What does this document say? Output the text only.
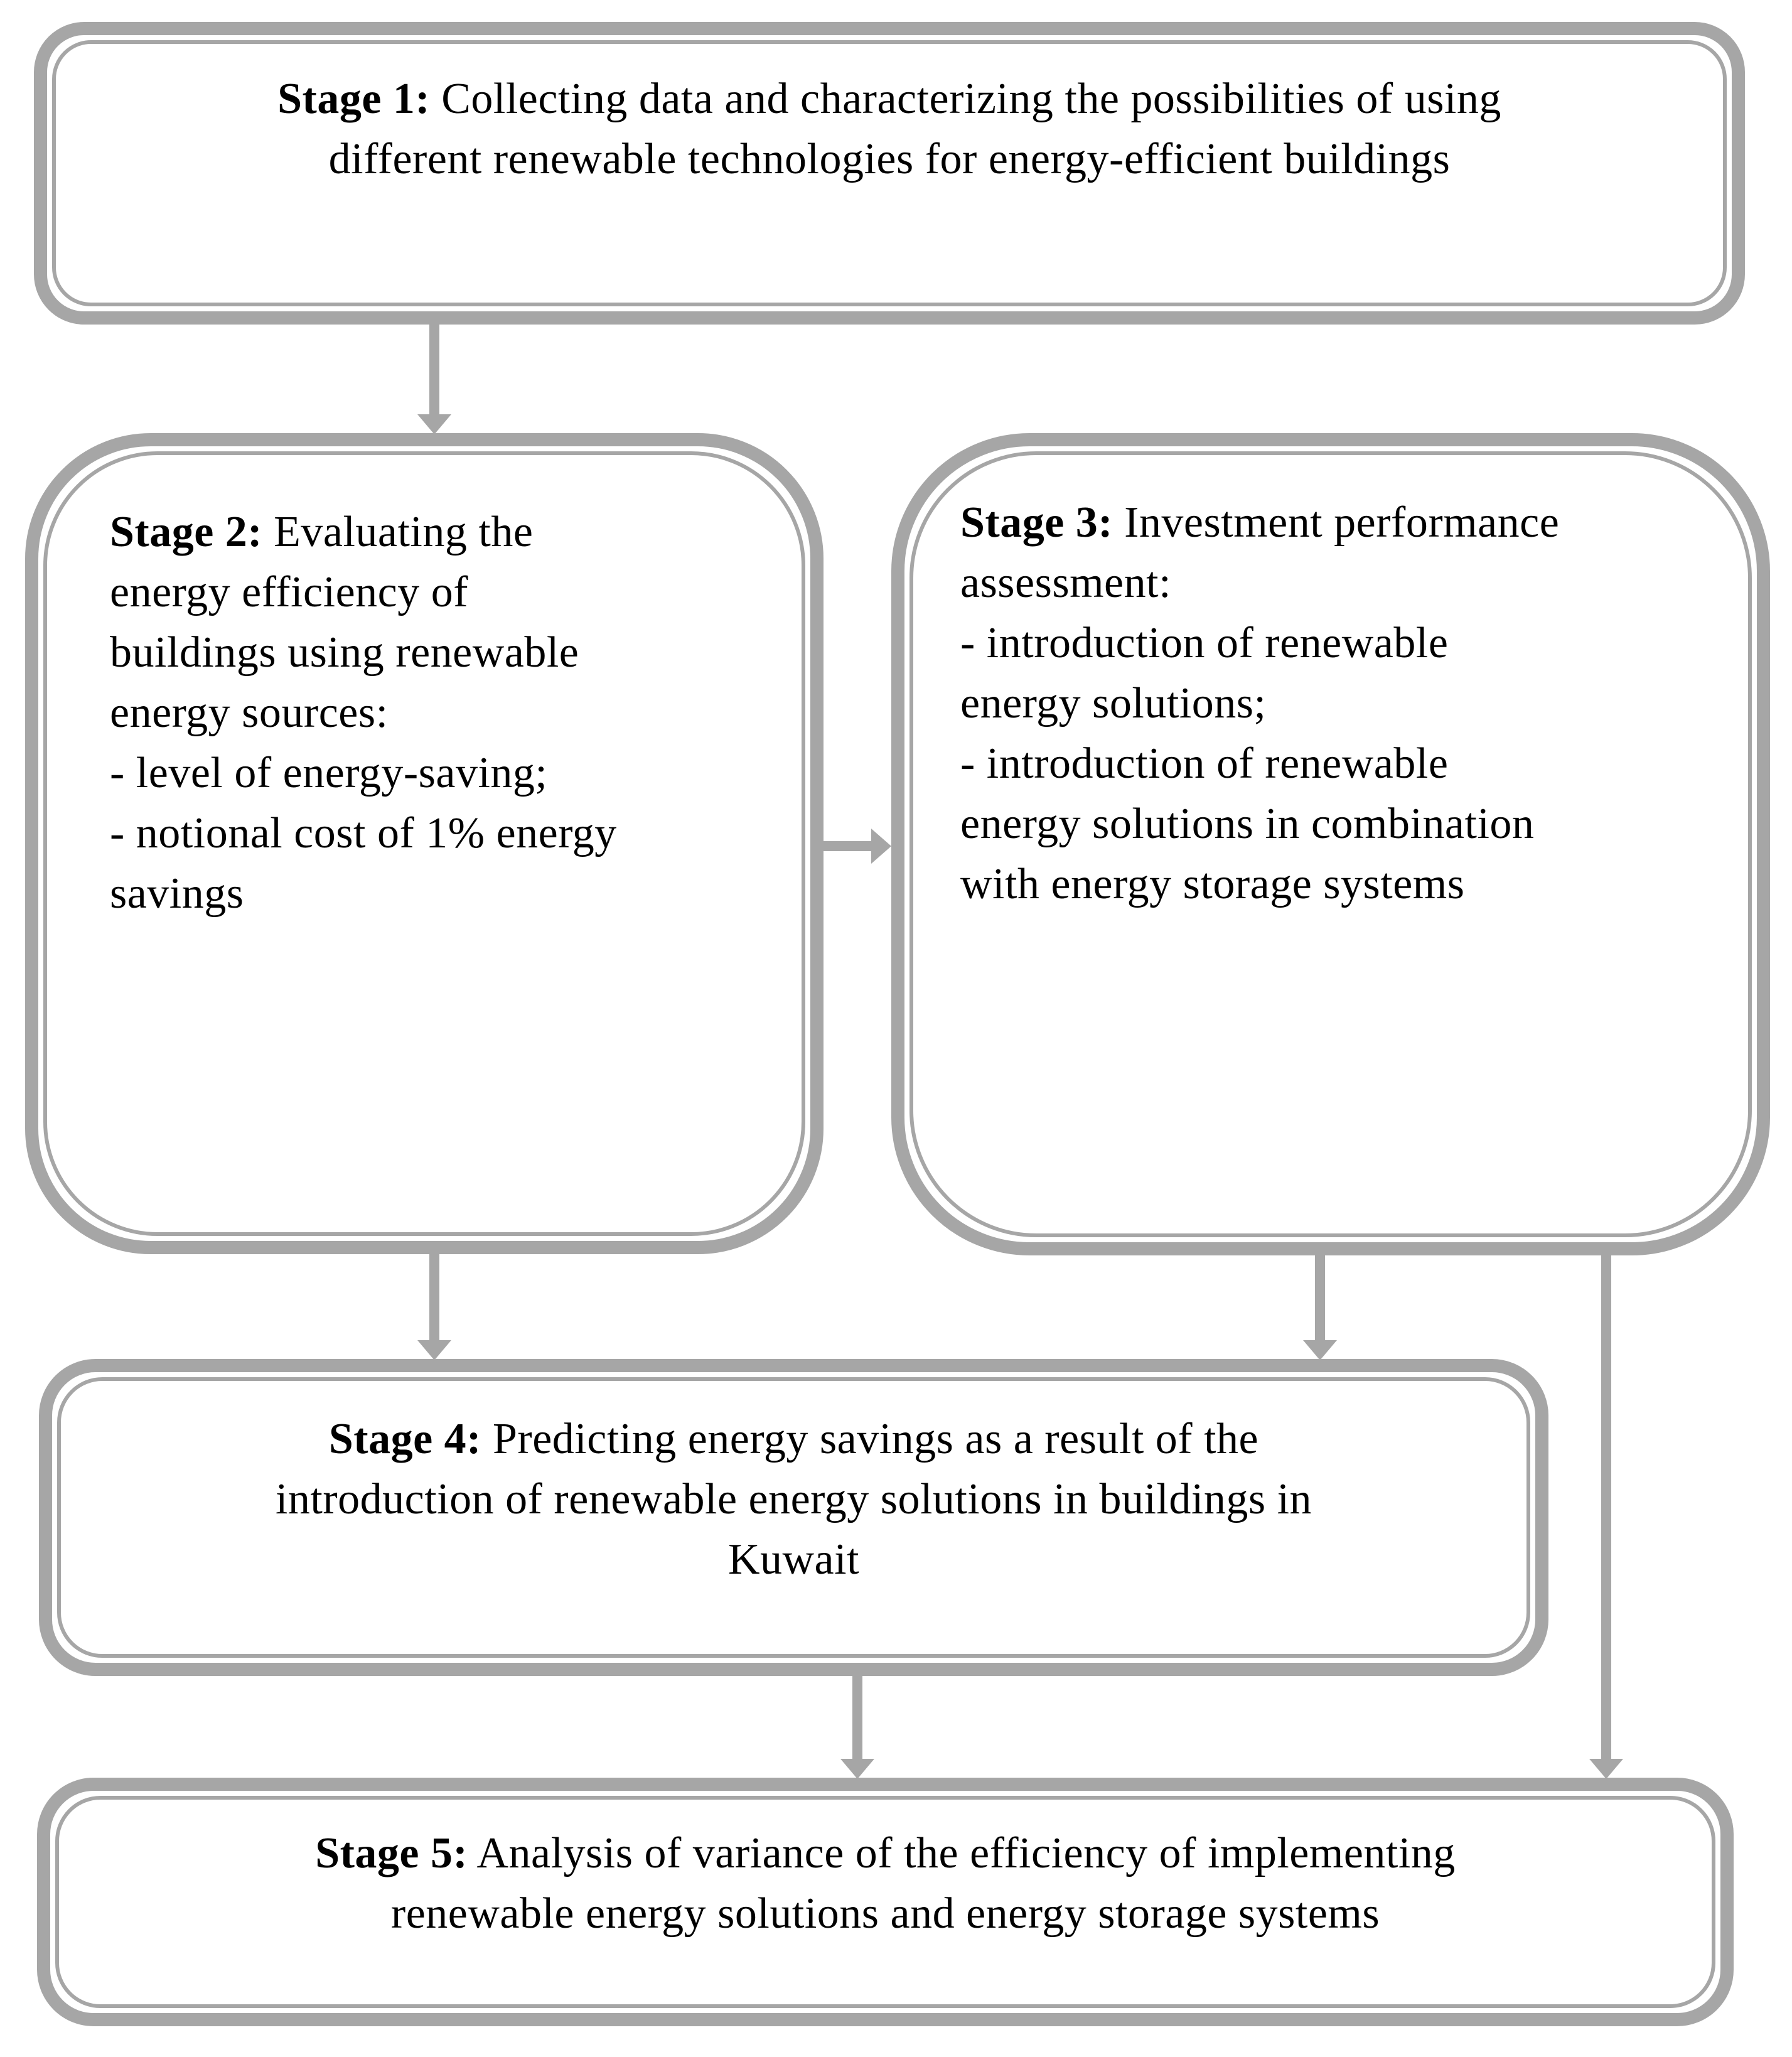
Stage 1: Collecting data and characterizing the possibilities of using
different renewable technologies for energy-efficient buildings
Stage 2: Evaluating the
energy efficiency of
buildings using renewable
energy sources:
- level of energy-saving;
- notional cost of 1% energy
savings
Stage 3: Investment performance
assessment:
- introduction of renewable
energy solutions;
- introduction of renewable
energy solutions in combination
with energy storage systems
Stage 4: Predicting energy savings as a result of the
introduction of renewable energy solutions in buildings in
Kuwait
Stage 5: Analysis of variance of the efficiency of implementing
renewable energy solutions and energy storage systems
